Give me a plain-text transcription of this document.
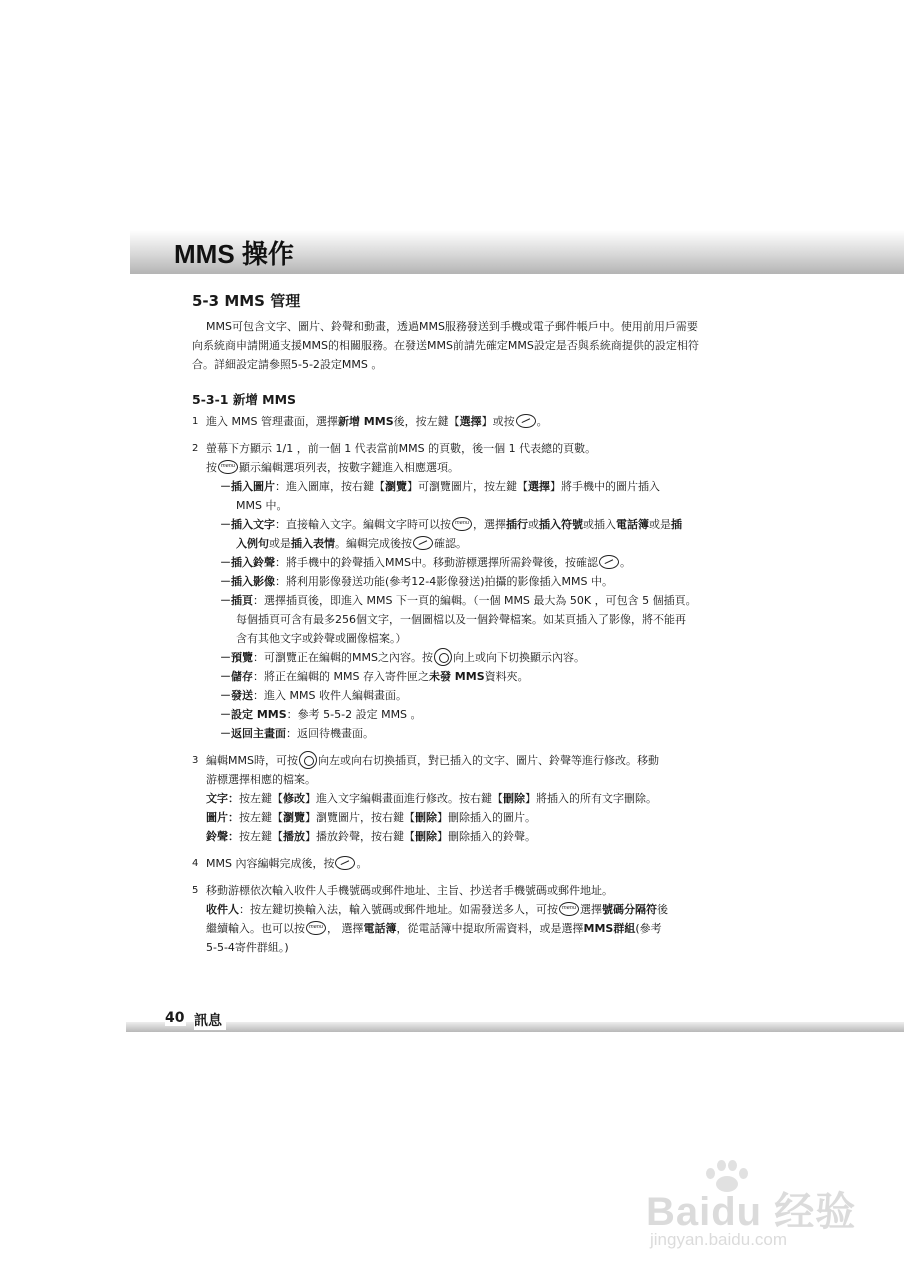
MMS 操作
5-3 MMS 管理

MMS可包含文字、圖片、鈴聲和動畫，透過MMS服務發送到手機或電子郵件帳戶中。使用前用戶需要向系統商申請開通支援MMS的相關服務。在發送MMS前請先確定MMS設定是否與系統商提供的設定相符合。詳細設定請參照5-5-2設定MMS 。

5-3-1 新增 MMS
1 進入 MMS 管理畫面，選擇新增 MMS後，按左鍵【選擇】或按 。
2 螢幕下方顯示 1/1 ，前一個 1 代表當前MMS 的頁數，後一個 1 代表總的頁數。
按 menu 顯示編輯選項列表，按數字鍵進入相應選項。
－插入圖片：進入圖庫，按右鍵【瀏覽】可瀏覽圖片，按左鍵【選擇】將手機中的圖片插入
MMS 中。
－插入文字：直接輸入文字。編輯文字時可以按 menu ，選擇插行或插入符號或插入電話簿或是插
入例句或是插入表情。編輯完成後按 確認。
－插入鈴聲：將手機中的鈴聲插入MMS中。移動游標選擇所需鈴聲後，按確認 。
－插入影像：將利用影像發送功能(參考12-4影像發送)拍攝的影像插入MMS 中。
－插頁：選擇插頁後，即進入 MMS 下一頁的編輯。（一個 MMS 最大為 50K ，可包含 5 個插頁。
每個插頁可含有最多256個文字，一個圖檔以及一個鈴聲檔案。如某頁插入了影像，將不能再
含有其他文字或鈴聲或圖像檔案。）
－預覽：可瀏覽正在編輯的MMS之內容。按 向上或向下切換顯示內容。
－儲存：將正在編輯的 MMS 存入寄件匣之未發 MMS資料夾。
－發送：進入 MMS 收件人編輯畫面。
－設定 MMS：參考 5-5-2 設定 MMS 。
－返回主畫面：返回待機畫面。
3 編輯MMS時，可按 向左或向右切換插頁，對已插入的文字、圖片、鈴聲等進行修改。移動
游標選擇相應的檔案。
文字：按左鍵【修改】進入文字編輯畫面進行修改。按右鍵【刪除】將插入的所有文字刪除。
圖片：按左鍵【瀏覽】瀏覽圖片，按右鍵【刪除】刪除插入的圖片。
鈴聲：按左鍵【播放】播放鈴聲，按右鍵【刪除】刪除插入的鈴聲。
4 MMS 內容編輯完成後，按 。
5 移動游標依次輸入收件人手機號碼或郵件地址、主旨、抄送者手機號碼或郵件地址。
收件人：按左鍵切換輸入法，輸入號碼或郵件地址。如需發送多人，可按 menu 選擇號碼分隔符後
繼續輸入。也可以按 menu ， 選擇電話簿，從電話簿中提取所需資料，或是選擇MMS群組(參考
5-5-4寄件群組。)

40 訊息

Baidu 经验
jingyan.baidu.com
